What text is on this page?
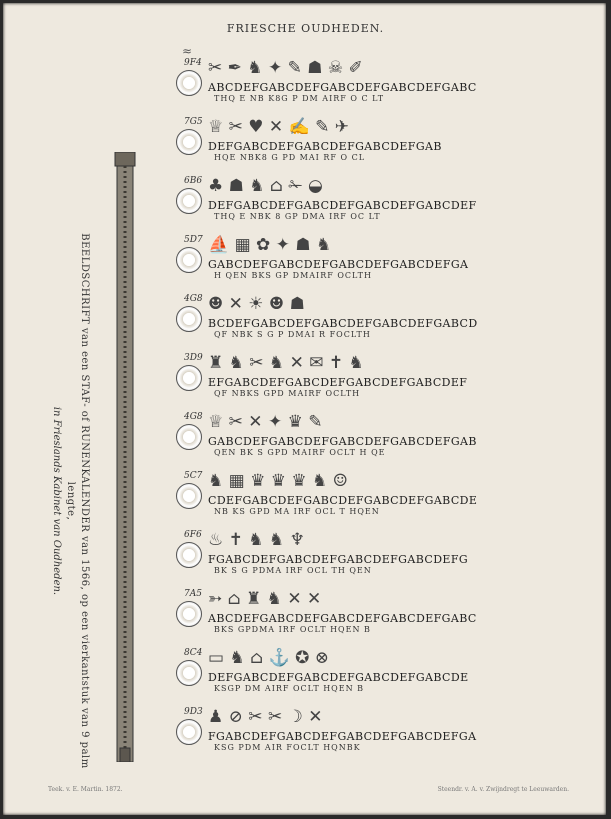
FRIESCHE OUDHEDEN.
≈
BEELDSCHRIFT van een STAF- of RUNENKALENDER van 1566, op een vierkantstuk van 9 palm lengte,
in Frieslands Kabinet van Oudheden.
9F4 ✂ ✒ ♞ ✦ ✎ ☗ ☠ ✐
ABCDEFGABCDEFGABCDEFGABCDEFGABC
THQ E NB K8G P DM AIRF O C LT
7G5 ♕ ✂ ♥ ✕ ✍ ✎ ✈
DEFGABCDEFGABCDEFGABCDEFGAB
HQE NBK8 G PD MAI RF O CL
6B6 ♣ ☗ ♞ ⌂ ✁ ◒
DEFGABCDEFGABCDEFGABCDEFGABCDEF
THQ E NBK 8 GP DMA IRF OC LT
5D7 ⛵ ▦ ✿ ✦ ☗ ♞
GABCDEFGABCDEFGABCDEFGABCDEFGA
H QEN BKS GP DMAIRF OCLTH
4G8 ☻ ✕ ☀ ☻ ☗
BCDEFGABCDEFGABCDEFGABCDEFGABCD
QF NBK S G P DMAI R FOCLTH
3D9 ♜ ♞ ✂ ♞ ✕ ✉ ✝ ♞
EFGABCDEFGABCDEFGABCDEFGABCDEF
QF NBKS GPD MAIRF OCLTH
4G8 ♕ ✂ ✕ ✦ ♛ ✎
GABCDEFGABCDEFGABCDEFGABCDEFGAB
QEN BK S GPD MAIRF OCLT H QE
5C7 ♞ ▦ ♛ ♛ ♛ ♞ ☺
CDEFGABCDEFGABCDEFGABCDEFGABCDE
NB KS GPD MA IRF OCL T HQEN
6F6 ♨ ✝ ♞ ♞ ♆
FGABCDEFGABCDEFGABCDEFGABCDEFG
BK S G PDMA IRF OCL TH QEN
7A5 ➳ ⌂ ♜ ♞ ✕ ✕
ABCDEFGABCDEFGABCDEFGABCDEFGABC
BKS GPDMA IRF OCLT HQEN B
8C4 ▭ ♞ ⌂ ⚓ ✪ ⊗
DEFGABCDEFGABCDEFGABCDEFGABCDE
KSGP DM AIRF OCLT HQEN B
9D3 ♟ ⊘ ✂ ✂ ☽ ✕
FGABCDEFGABCDEFGABCDEFGABCDEFGA
KSG PDM AIR FOCLT HQNBK
Teek. v. E. Martin. 1872.	Steendr. v. A. v. Zwijndregt te Leeuwarden.
